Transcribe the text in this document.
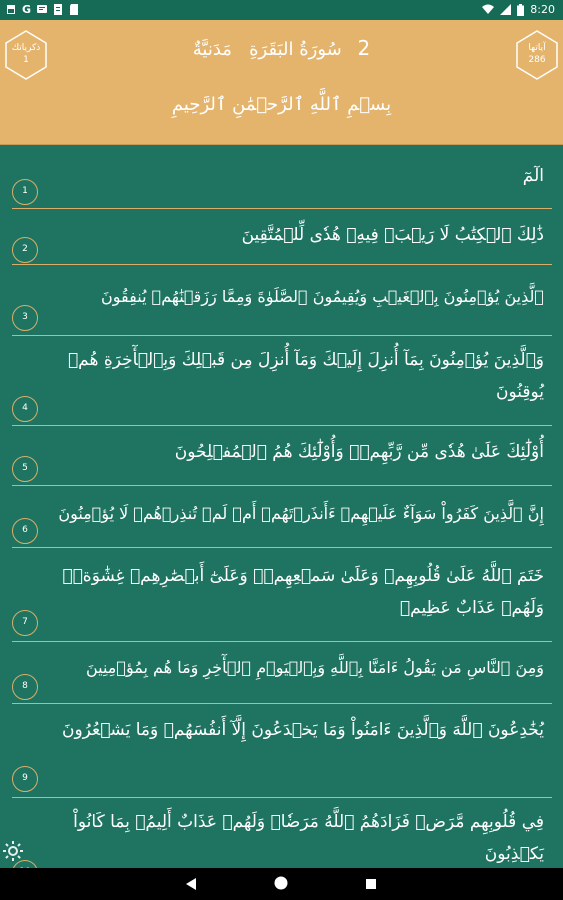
G	8:20
ذكرياتك
1	2 سُورَةُ البَقَرَةِ   مَدَنيَّةٌ	آياتها
286
بِسۡمِ ٱللَّهِ ٱلرَّحۡمَٰنِ ٱلرَّحِيمِ
الٓمٓ
1
ذَٰلِكَ ٱلۡكِتَٰبُ لَا رَيۡبَۛ فِيهِۛ هُدٗى لِّلۡمُتَّقِينَ
2
ٱلَّذِينَ يُؤۡمِنُونَ بِٱلۡغَيۡبِ وَيُقِيمُونَ ٱلصَّلَوٰةَ وَمِمَّا رَزَقۡنَٰهُمۡ يُنفِقُونَ
3
وَٱلَّذِينَ يُؤۡمِنُونَ بِمَآ أُنزِلَ إِلَيۡكَ وَمَآ أُنزِلَ مِن قَبۡلِكَ وَبِٱلۡأٓخِرَةِ هُمۡ يُوقِنُونَ
4
أُوْلَٰٓئِكَ عَلَىٰ هُدٗى مِّن رَّبِّهِمۡۖ وَأُوْلَٰٓئِكَ هُمُ ٱلۡمُفۡلِحُونَ
5
إِنَّ ٱلَّذِينَ كَفَرُواْ سَوَآءٌ عَلَيۡهِمۡ ءَأَنذَرۡتَهُمۡ أَمۡ لَمۡ تُنذِرۡهُمۡ لَا يُؤۡمِنُونَ
6
خَتَمَ ٱللَّهُ عَلَىٰ قُلُوبِهِمۡ وَعَلَىٰ سَمۡعِهِمۡۖ وَعَلَىٰٓ أَبۡصَٰرِهِمۡ غِشَٰوَةٞۖ وَلَهُمۡ عَذَابٌ عَظِيمٞ
7
وَمِنَ ٱلنَّاسِ مَن يَقُولُ ءَامَنَّا بِٱللَّهِ وَبِٱلۡيَوۡمِ ٱلۡأٓخِرِ وَمَا هُم بِمُؤۡمِنِينَ
8
يُخَٰدِعُونَ ٱللَّهَ وَٱلَّذِينَ ءَامَنُواْ وَمَا يَخۡدَعُونَ إِلَّآ أَنفُسَهُمۡ وَمَا يَشۡعُرُونَ
9
فِي قُلُوبِهِم مَّرَضٞ فَزَادَهُمُ ٱللَّهُ مَرَضٗاۖ وَلَهُمۡ عَذَابٌ أَلِيمُۢ بِمَا كَانُواْ يَكۡذِبُونَ
